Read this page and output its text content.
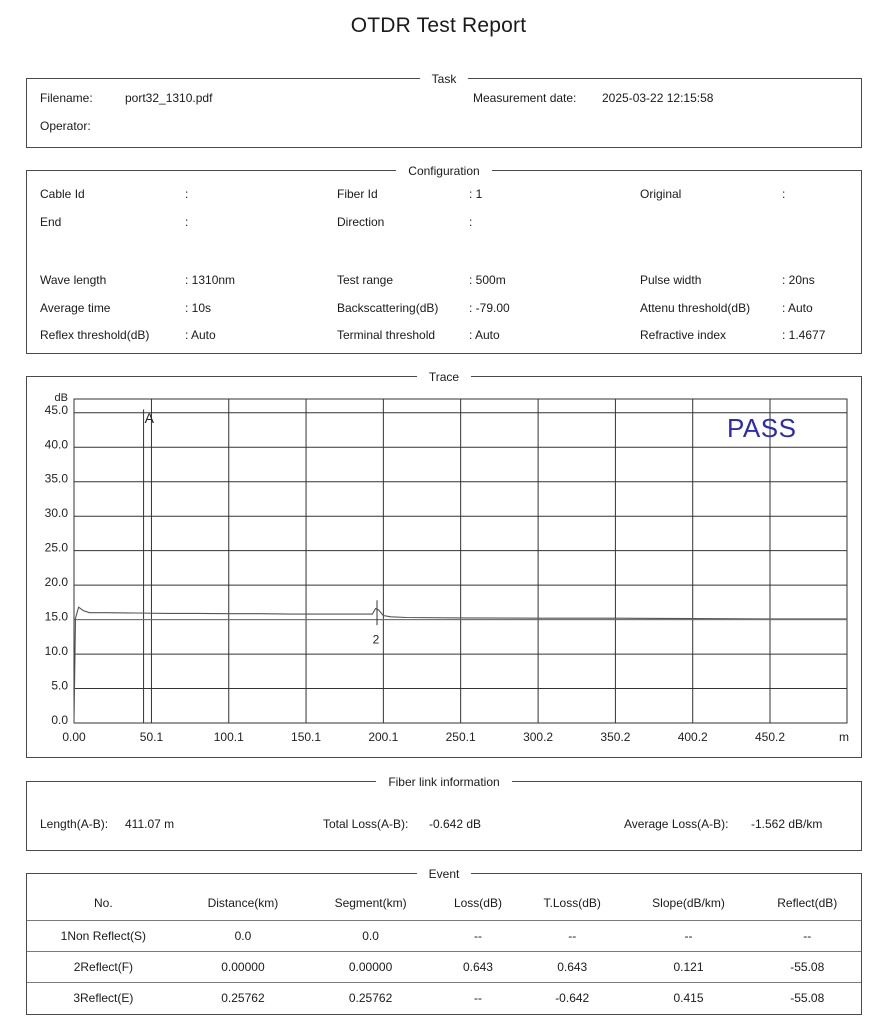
OTDR Test Report
Task
Filename:	port32_1310.pdf	Measurement date: 2025-03-22 12:15:58
Operator:
Configuration
Cable Id	:	Fiber Id	: 1	Original	:
End	:	Direction	:
Wave length	: 1310nm	Test range	: 500m	Pulse width	: 20ns
Average time	: 10s	Backscattering(dB)	: -79.00	Attenu threshold(dB)	: Auto
Reflex threshold(dB)	: Auto	Terminal threshold	: Auto	Refractive index	: 1.4677
Trace
45.0
40.0
35.0
30.0
25.0
20.0
15.0
10.0
5.0
0.0
dB
0.00	50.1	100.1	150.1	200.1	250.1	300.2	350.2	400.2	450.2	m
A
2
PASS
Fiber link information
Length(A-B): 411.07 m	Total Loss(A-B): -0.642 dB	Average Loss(A-B): -1.562 dB/km
Event
No.	Distance(km)	Segment(km)	Loss(dB)	T.Loss(dB)	Slope(dB/km)	Reflect(dB)
1Non Reflect(S)	0.0	0.0	--	--	--	--
2Reflect(F)	0.00000	0.00000	0.643	0.643	0.121	-55.08
3Reflect(E)	0.25762	0.25762	--	-0.642	0.415	-55.08
